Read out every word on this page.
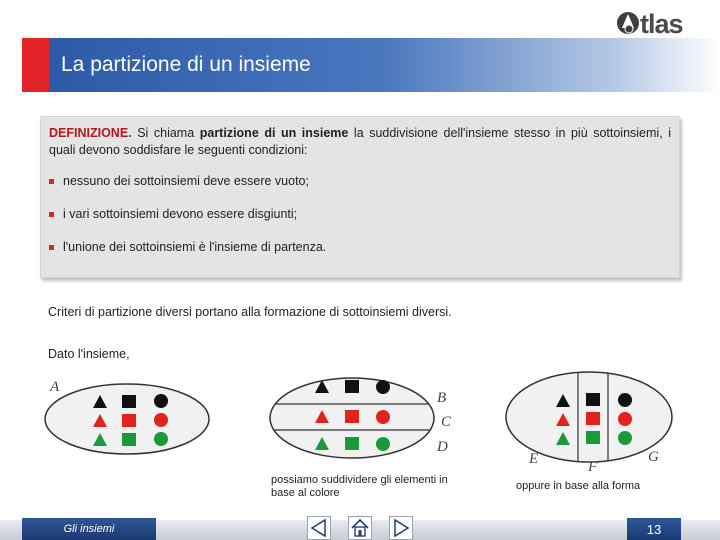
tlas
La partizione di un insieme
DEFINIZIONE. Si chiama partizione di un insieme la suddivisione dell'insieme stesso in più sottoinsiemi, i quali devono soddisfare le seguenti condizioni:
nessuno dei sottoinsiemi deve essere vuoto;
i vari sottoinsiemi devono essere disgiunti;
l'unione dei sottoinsiemi è l'insieme di partenza.
Criteri di partizione diversi portano alla formazione di sottoinsiemi diversi.
Dato l'insieme,
A
B
C
D
E	F
G
possiamo suddividere gli elementi in base al colore
oppure in base alla forma
Gli insiemi	13
